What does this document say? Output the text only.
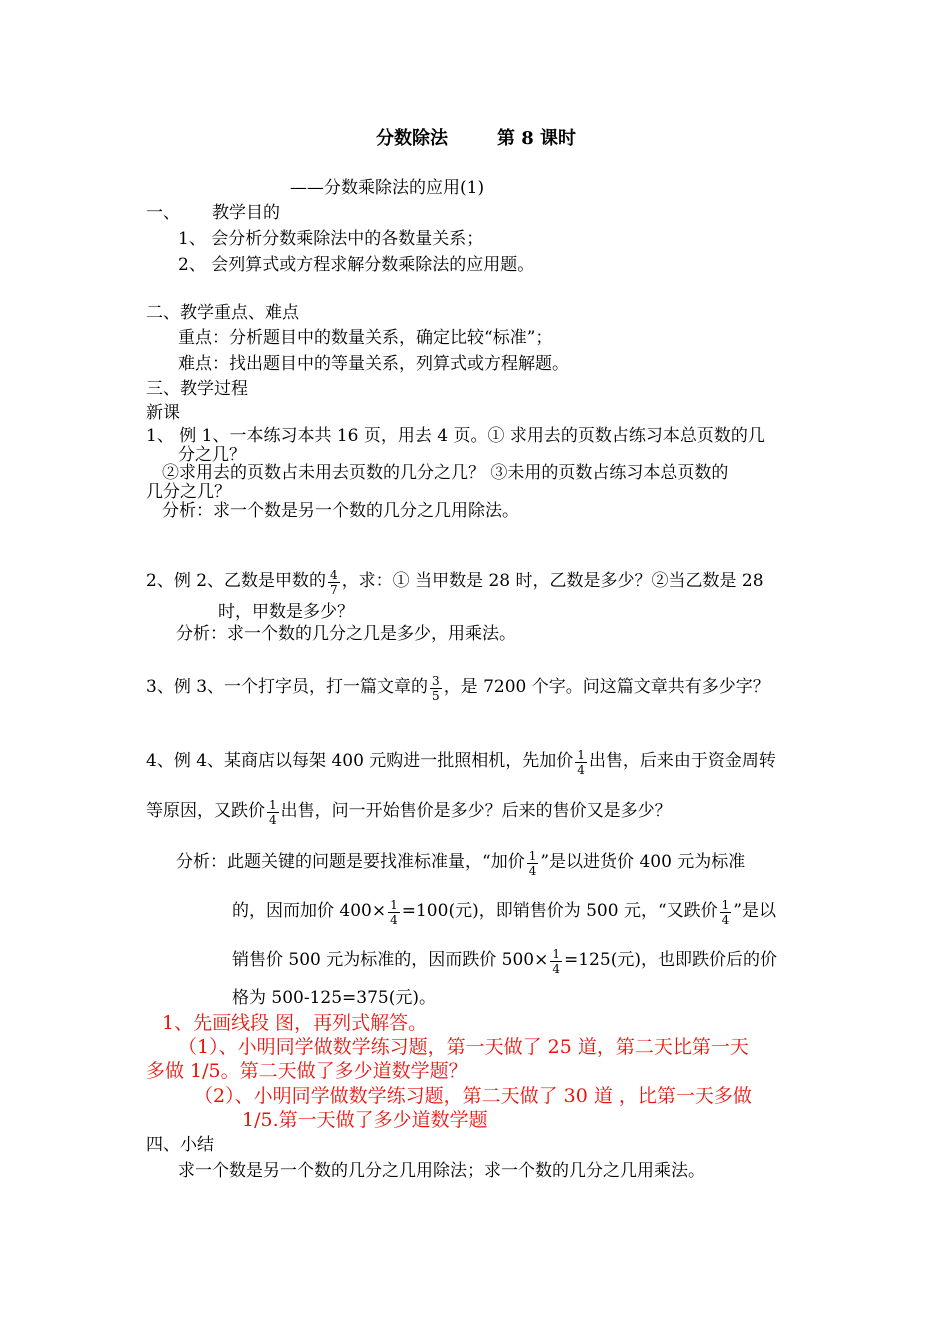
分数除法	第 8 课时
——分数乘除法的应用(1)
一、 教学目的
1、 会分析分数乘除法中的各数量关系；
2、 会列算式或方程求解分数乘除法的应用题。
二、教学重点、难点
重点：分析题目中的数量关系，确定比较“标准”；
难点：找出题目中的等量关系，列算式或方程解题。
三、教学过程
新课
1、 例 1、一本练习本共 16 页，用去 4 页。① 求用去的页数占练习本总页数的几
分之几？
②求用去的页数占未用去页数的几分之几？ ③未用的页数占练习本总页数的
几分之几？
分析：求一个数是另一个数的几分之几用除法。
2、例 2、乙数是甲数的 $\frac{4}{7}$ ，求：① 当甲数是 28 时，乙数是多少？②当乙数是 28
时，甲数是多少？
分析：求一个数的几分之几是多少，用乘法。
3、例 3、一个打字员，打一篇文章的 $\frac{3}{5}$ ，是 7200 个字。问这篇文章共有多少字？
4、例 4、某商店以每架 400 元购进一批照相机，先加价 $\frac{1}{4}$ 出售，后来由于资金周转
等原因，又跌价 $\frac{1}{4}$ 出售，问一开始售价是多少？后来的售价又是多少？
分析：此题关键的问题是要找准标准量，“加价 $\frac{1}{4}$ ”是以进货价 400 元为标准
的，因而加价 $400\times \frac{1}{4} =100$(元)，即销售价为 500 元，“又跌价 $\frac{1}{4}$ ”是以
销售价 500 元为标准的，因而跌价 $500\times \frac{1}{4} =125$(元)，也即跌价后的价
格为 500-125=375(元)。
1、先画线段 图，再列式解答。
（1）、小明同学做数学练习题，第一天做了 25 道，第二天比第一天
多做 1/5。第二天做了多少道数学题？
（2）、小明同学做数学练习题，第二天做了 30 道 ，比第一天多做
1/5.第一天做了多少道数学题
四、小结
求一个数是另一个数的几分之几用除法；求一个数的几分之几用乘法。
